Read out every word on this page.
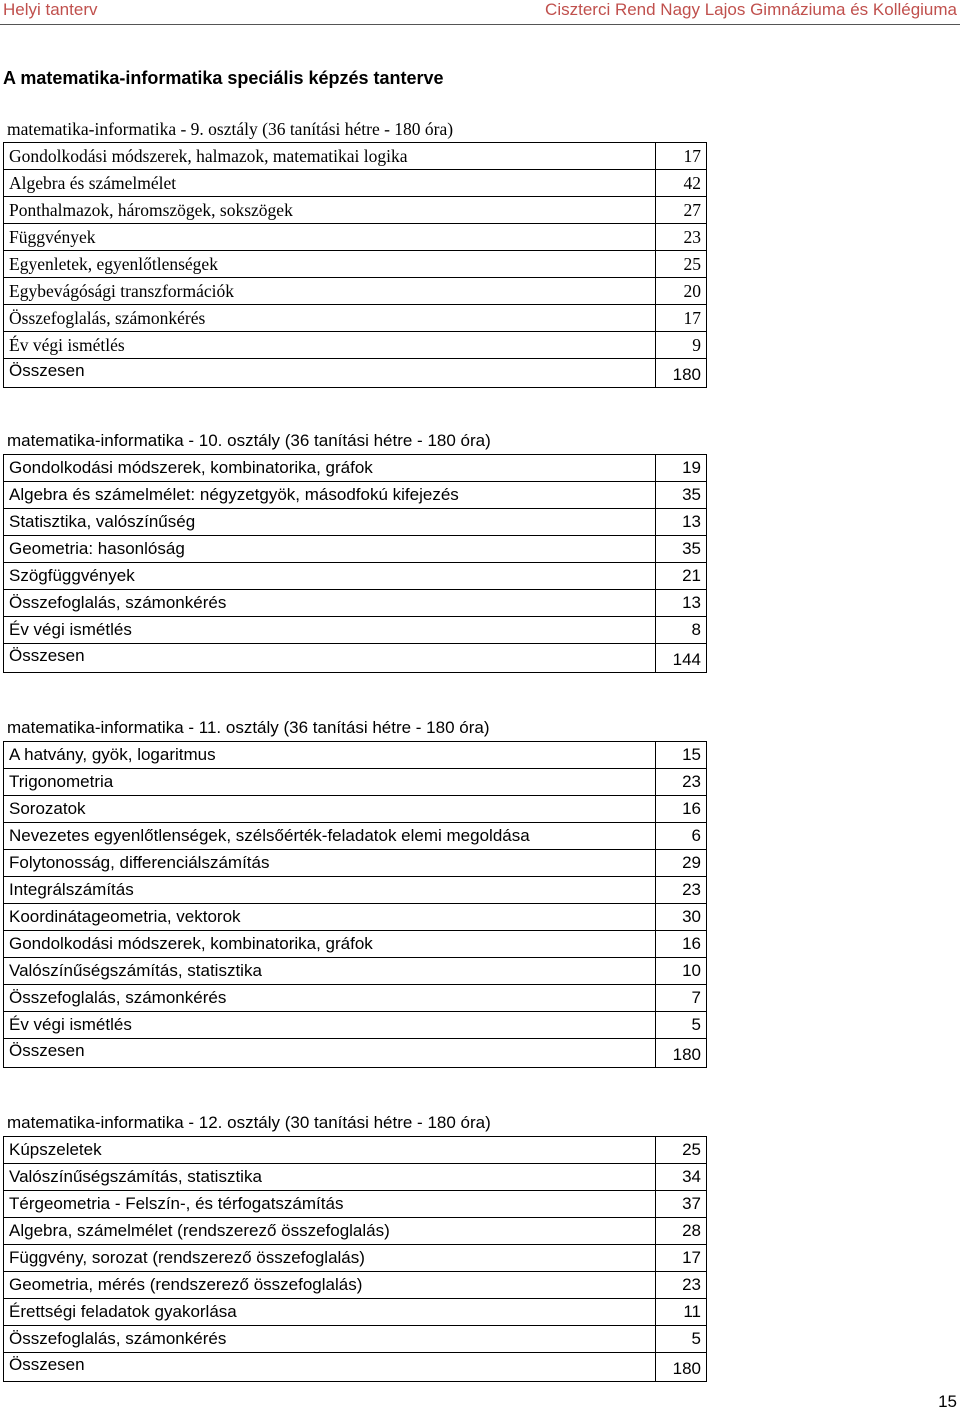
Helyi tanterv	Ciszterci Rend Nagy Lajos Gimnáziuma és Kollégiuma
A matematika-informatika speciális képzés tanterve
matematika-informatika - 9. osztály (36 tanítási hétre - 180 óra)
Gondolkodási módszerek, halmazok, matematikai logika	17
Algebra és számelmélet	42
Ponthalmazok, háromszögek, sokszögek	27
Függvények	23
Egyenletek, egyenlőtlenségek	25
Egybevágósági transzformációk	20
Összefoglalás, számonkérés	17
Év végi ismétlés	9
Összesen	180
matematika-informatika - 10. osztály (36 tanítási hétre - 180 óra)
Gondolkodási módszerek, kombinatorika, gráfok	19
Algebra és számelmélet: négyzetgyök, másodfokú kifejezés	35
Statisztika, valószínűség	13
Geometria: hasonlóság	35
Szögfüggvények	21
Összefoglalás, számonkérés	13
Év végi ismétlés	8
Összesen	144
matematika-informatika - 11. osztály (36 tanítási hétre - 180 óra)
A hatvány, gyök, logaritmus	15
Trigonometria	23
Sorozatok	16
Nevezetes egyenlőtlenségek, szélsőérték-feladatok elemi megoldása	6
Folytonosság, differenciálszámítás	29
Integrálszámítás	23
Koordinátageometria, vektorok	30
Gondolkodási módszerek, kombinatorika, gráfok	16
Valószínűségszámítás, statisztika	10
Összefoglalás, számonkérés	7
Év végi ismétlés	5
Összesen	180
matematika-informatika - 12. osztály (30 tanítási hétre - 180 óra)
Kúpszeletek	25
Valószínűségszámítás, statisztika	34
Térgeometria - Felszín-, és térfogatszámítás	37
Algebra, számelmélet (rendszerező összefoglalás)	28
Függvény, sorozat (rendszerező összefoglalás)	17
Geometria, mérés (rendszerező összefoglalás)	23
Érettségi feladatok gyakorlása	11
Összefoglalás, számonkérés	5
Összesen	180
15
